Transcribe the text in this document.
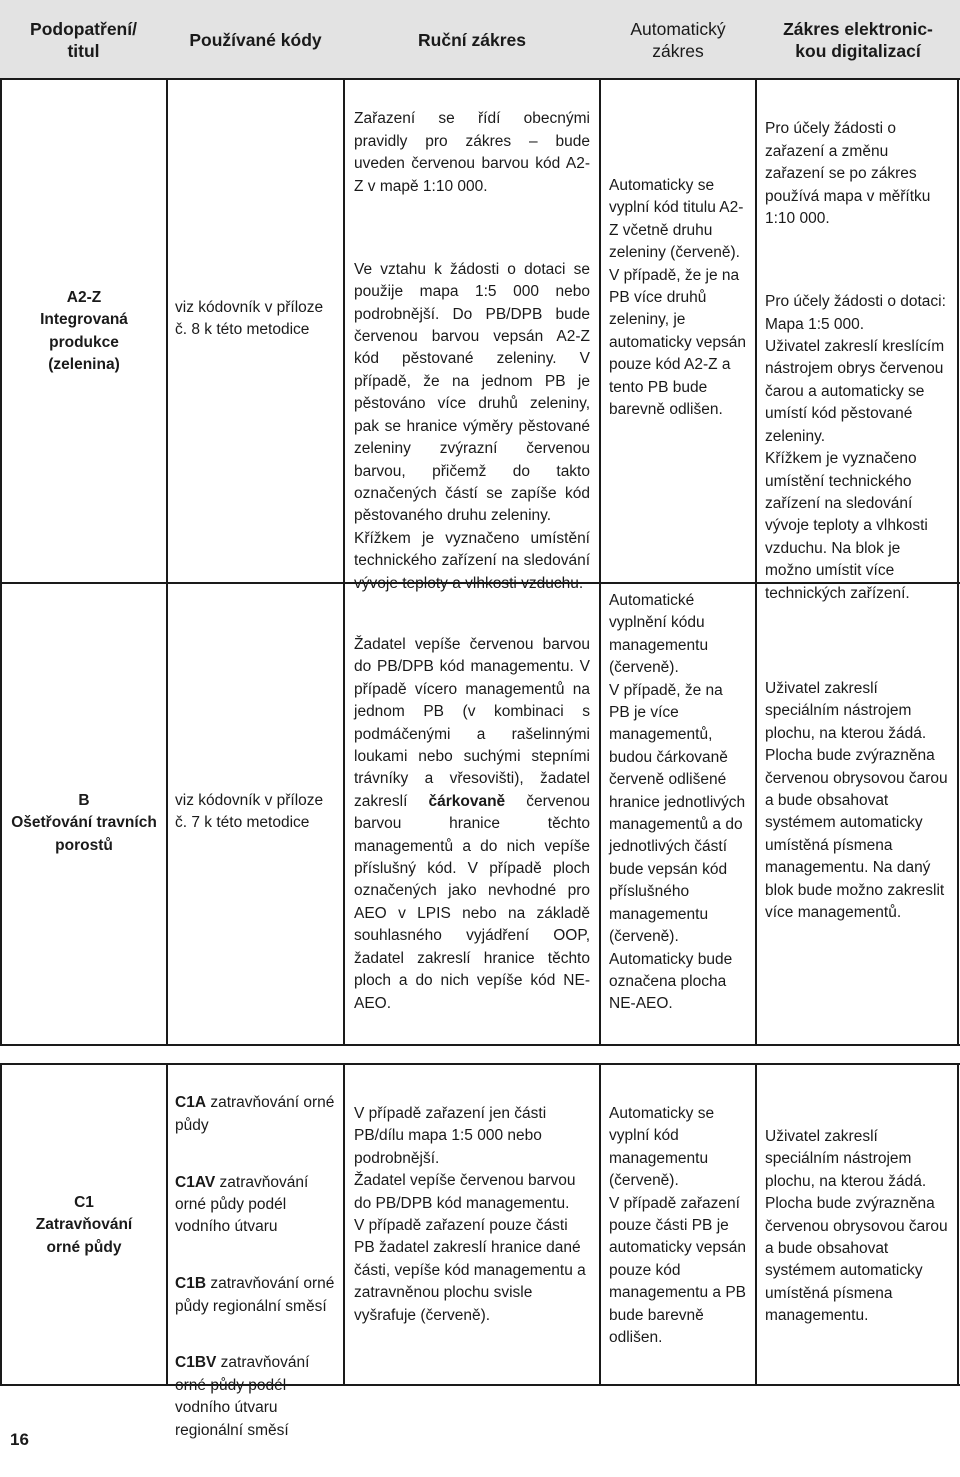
Podopatření/
titul
Používané kódy	Ruční zákres
Automatický
zákres
Zákres elektronic-
kou digitalizací
A2-Z
Integrovaná
produkce
(zelenina)
viz kódovník v příloze č. 8 k této metodice

Zařazení se řídí obecnými pravidly pro zákres – bude uveden červenou barvou kód A2-Z v mapě 1:10 000.

Ve vztahu k žádosti o dotaci se použije mapa 1:5 000 nebo podrobnější. Do PB/DPB bude červenou barvou vepsán A2-Z kód pěstované zeleniny. V případě, že na jednom PB je pěstováno více druhů zeleniny, pak se hranice výměry pěstované zeleniny zvýrazní červenou barvou, přičemž do takto označených částí se zapíše kód pěstovaného druhu zeleniny.
Křížkem je vyznačeno umístění technického zařízení na sledování vývoje teploty a vlhkosti vzduchu.

Automaticky se vyplní kód titulu A2-Z včetně druhu zeleniny (červeně).
V případě, že je na PB více druhů zeleniny, je automaticky vepsán pouze kód A2-Z a tento PB bude barevně odlišen.

Pro účely žádosti o zařazení a změnu zařazení se po zákres používá mapa v měřítku 1:10 000.

Pro účely žádosti o dotaci:
Mapa 1:5 000.
Uživatel zakreslí kreslícím nástrojem obrys červenou čarou a automaticky se umístí kód pěstované zeleniny.
Křížkem je vyznačeno umístění technického zařízení na sledování vývoje teploty a vlhkosti vzduchu. Na blok je možno umístit více technických zařízení.

B
Ošetřování travních porostů
viz kódovník v příloze č. 7 k této metodice
Žadatel vepíše červenou barvou do PB/DPB kód managementu. V případě vícero managementů na jednom PB (v kombinaci s podmáčenými a rašelinnými loukami nebo suchými stepními trávníky a vřesovišti), žadatel zakreslí čárkovaně červenou barvou hranice těchto managementů a do nich vepíše příslušný kód. V případě ploch označených jako nevhodné pro AEO v LPIS nebo na základě souhlasného vyjádření OOP, žadatel zakreslí hranice těchto ploch a do nich vepíše kód NE-AEO.
Automatické vyplnění kódu managementu (červeně).
V případě, že na PB je více managementů, budou čárkovaně červeně odlišené hranice jednotlivých managementů a do jednotlivých částí bude vepsán kód příslušného managementu (červeně).
Automaticky bude označena plocha NE-AEO.
Uživatel zakreslí speciálním nástrojem plochu, na kterou žádá. Plocha bude zvýrazněna červenou obrysovou čarou a bude obsahovat systémem automaticky umístěná písmena managementu. Na daný blok bude možno zakreslit více managementů.
C1
Zatravňování
orné půdy

C1A zatravňování orné půdy

C1AV zatravňování orné půdy podél vodního útvaru

C1B zatravňování orné půdy regionální směsí

C1BV zatravňování orné půdy podél vodního útvaru regionální směsí

V případě zařazení jen části PB/dílu mapa 1:5 000 nebo podrobnější.
Žadatel vepíše červenou barvou do PB/DPB kód managementu.
V případě zařazení pouze části PB žadatel zakreslí hranice dané části, vepíše kód managementu a zatravněnou plochu svisle vyšrafuje (červeně).
Automaticky se vyplní kód managementu (červeně).
V případě zařazení pouze části PB je automaticky vepsán pouze kód managementu a PB bude barevně odlišen.
Uživatel zakreslí speciálním nástrojem plochu, na kterou žádá. Plocha bude zvýrazněna červenou obrysovou čarou a bude obsahovat systémem automaticky umístěná písmena managementu.
16
